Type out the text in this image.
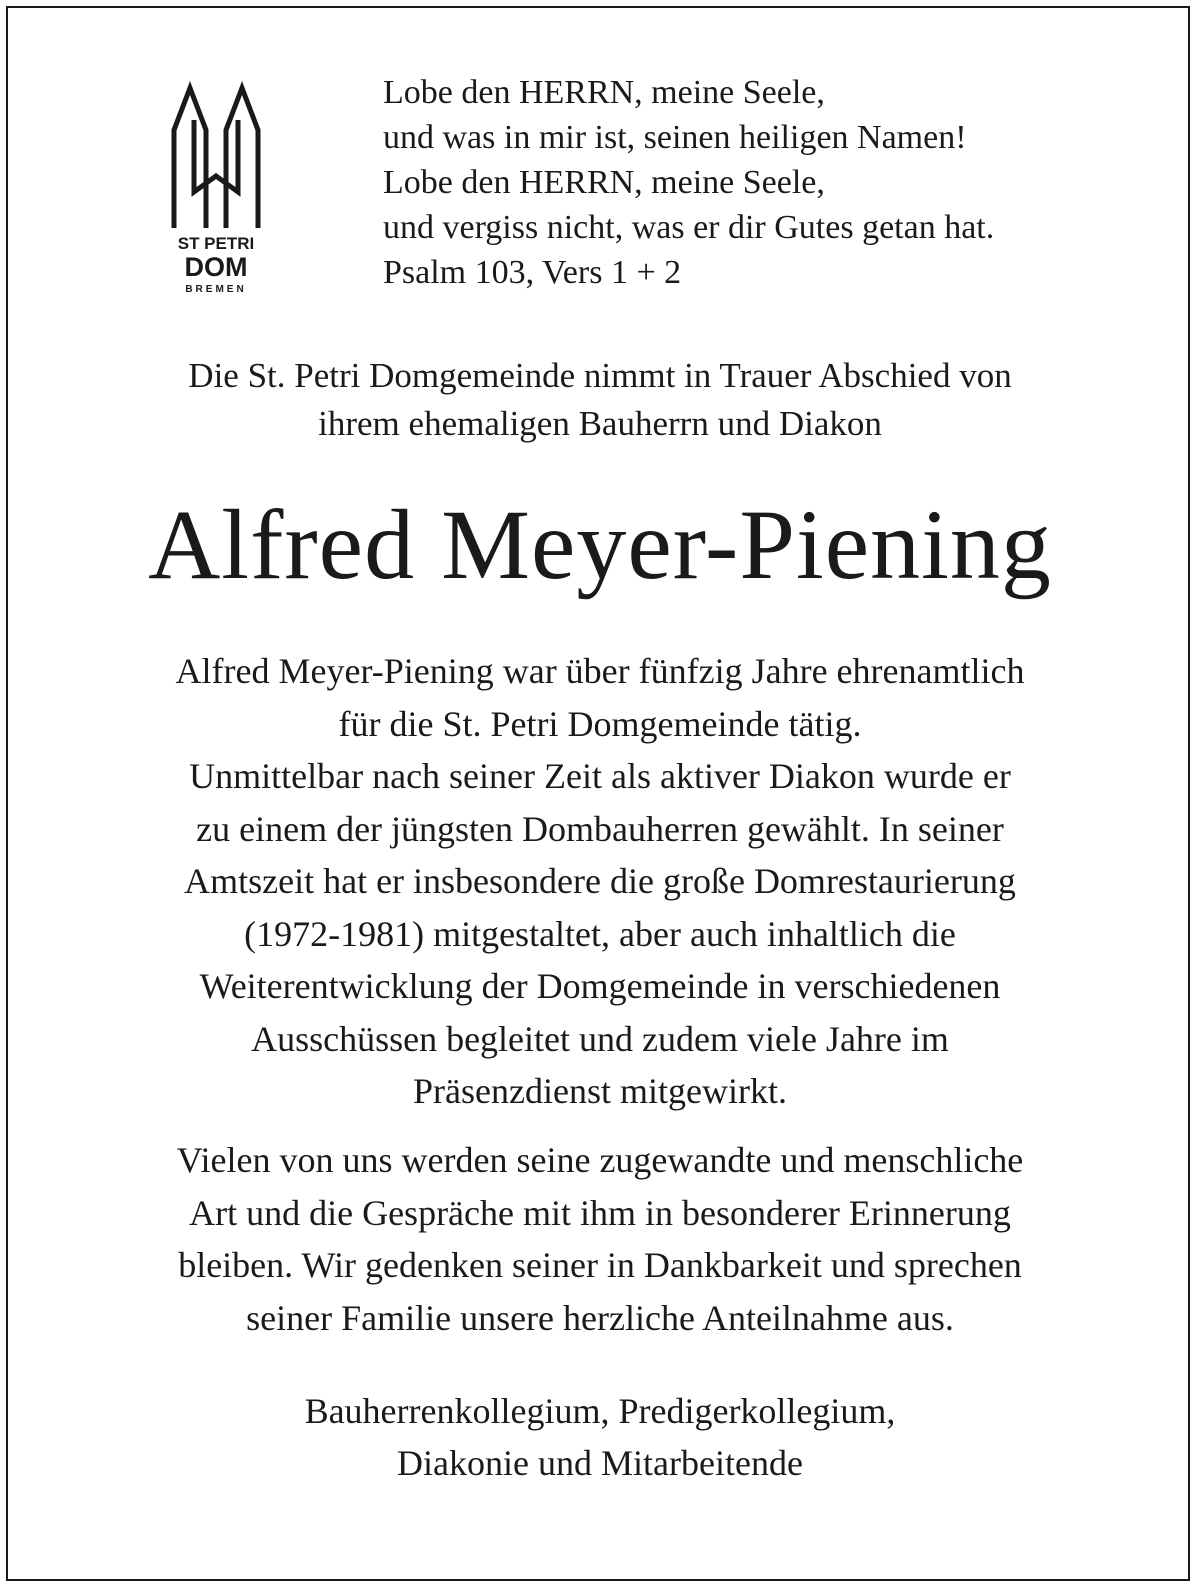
ST PETRI
DOM
BREMEN
Lobe den HERRN, meine Seele,
und was in mir ist, seinen heiligen Namen!
Lobe den HERRN, meine Seele,
und vergiss nicht, was er dir Gutes getan hat.
Psalm 103, Vers 1 + 2
Die St. Petri Domgemeinde nimmt in Trauer Abschied von
ihrem ehemaligen Bauherrn und Diakon
Alfred Meyer-Piening
Alfred Meyer-Piening war über fünfzig Jahre ehrenamtlich
für die St. Petri Domgemeinde tätig.
Unmittelbar nach seiner Zeit als aktiver Diakon wurde er
zu einem der jüngsten Dombauherren gewählt. In seiner
Amtszeit hat er insbesondere die große Domrestaurierung
(1972-1981) mitgestaltet, aber auch inhaltlich die
Weiterentwicklung der Domgemeinde in verschiedenen
Ausschüssen begleitet und zudem viele Jahre im
Präsenzdienst mitgewirkt.
Vielen von uns werden seine zugewandte und menschliche
Art und die Gespräche mit ihm in besonderer Erinnerung
bleiben. Wir gedenken seiner in Dankbarkeit und sprechen
seiner Familie unsere herzliche Anteilnahme aus.
Bauherrenkollegium, Predigerkollegium,
Diakonie und Mitarbeitende
